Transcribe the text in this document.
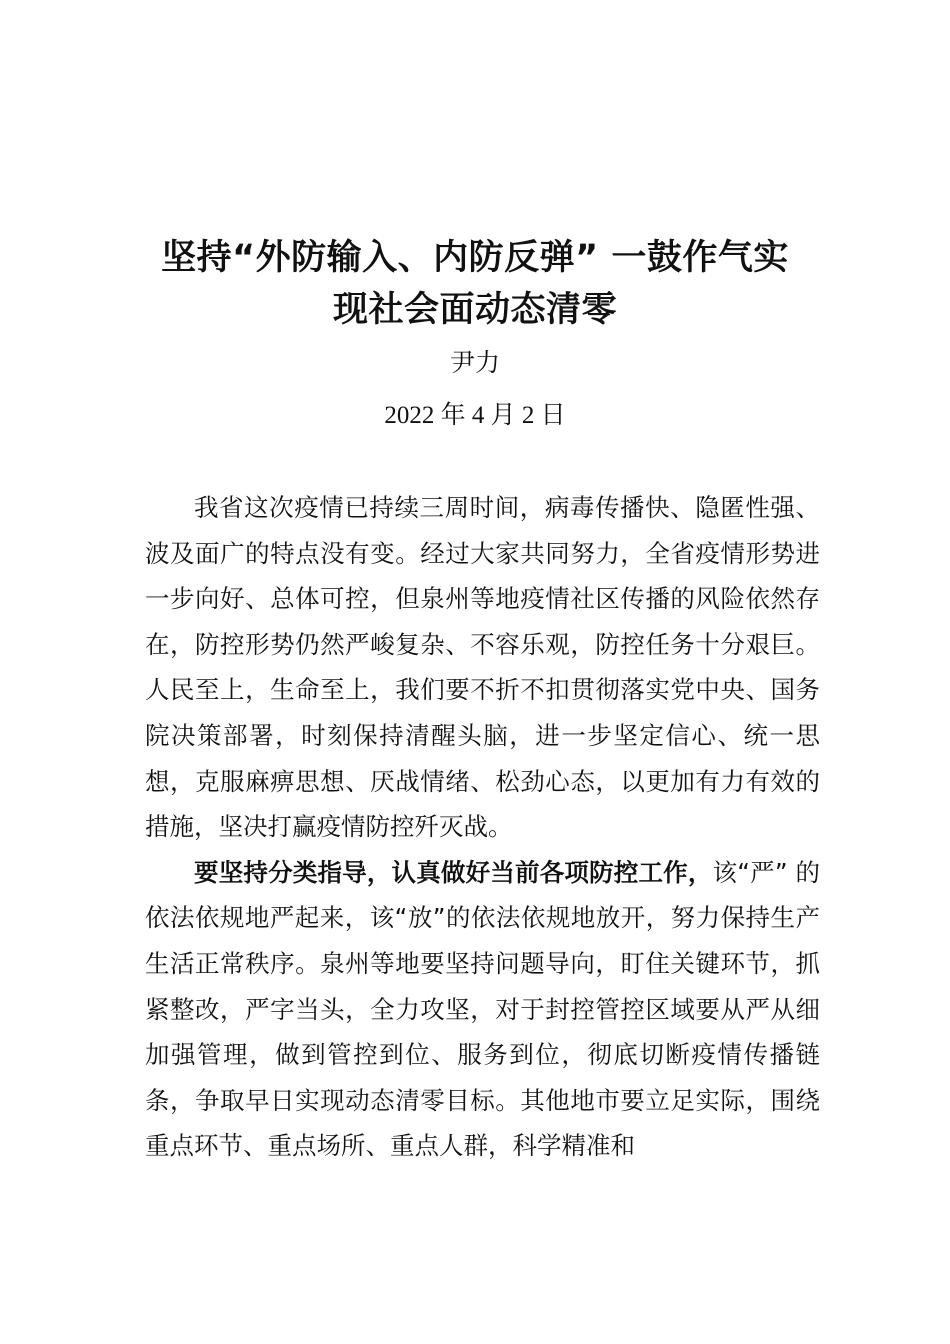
坚持“外防输入、内防反弹” 一鼓作气实
现社会面动态清零
尹力
2022 年 4 月 2 日

我省这次疫情已持续三周时间，病毒传播快、隐匿性强、波及面广的特点没有变。经过大家共同努力，全省疫情形势进一步向好、总体可控，但泉州等地疫情社区传播的风险依然存在，防控形势仍然严峻复杂、不容乐观，防控任务十分艰巨。人民至上，生命至上，我们要不折不扣贯彻落实党中央、国务院决策部署，时刻保持清醒头脑，进一步坚定信心、统一思想，克服麻痹思想、厌战情绪、松劲心态，以更加有力有效的措施，坚决打赢疫情防控歼灭战。

要坚持分类指导，认真做好当前各项防控工作，该“严” 的依法依规地严起来，该“放”的依法依规地放开，努力保持生产生活正常秩序。泉州等地要坚持问题导向，盯住关键环节，抓紧整改，严字当头，全力攻坚，对于封控管控区域要从严从细加强管理，做到管控到位、服务到位，彻底切断疫情传播链条，争取早日实现动态清零目标。其他地市要立足实际，围绕重点环节、重点场所、重点人群，科学精准和
